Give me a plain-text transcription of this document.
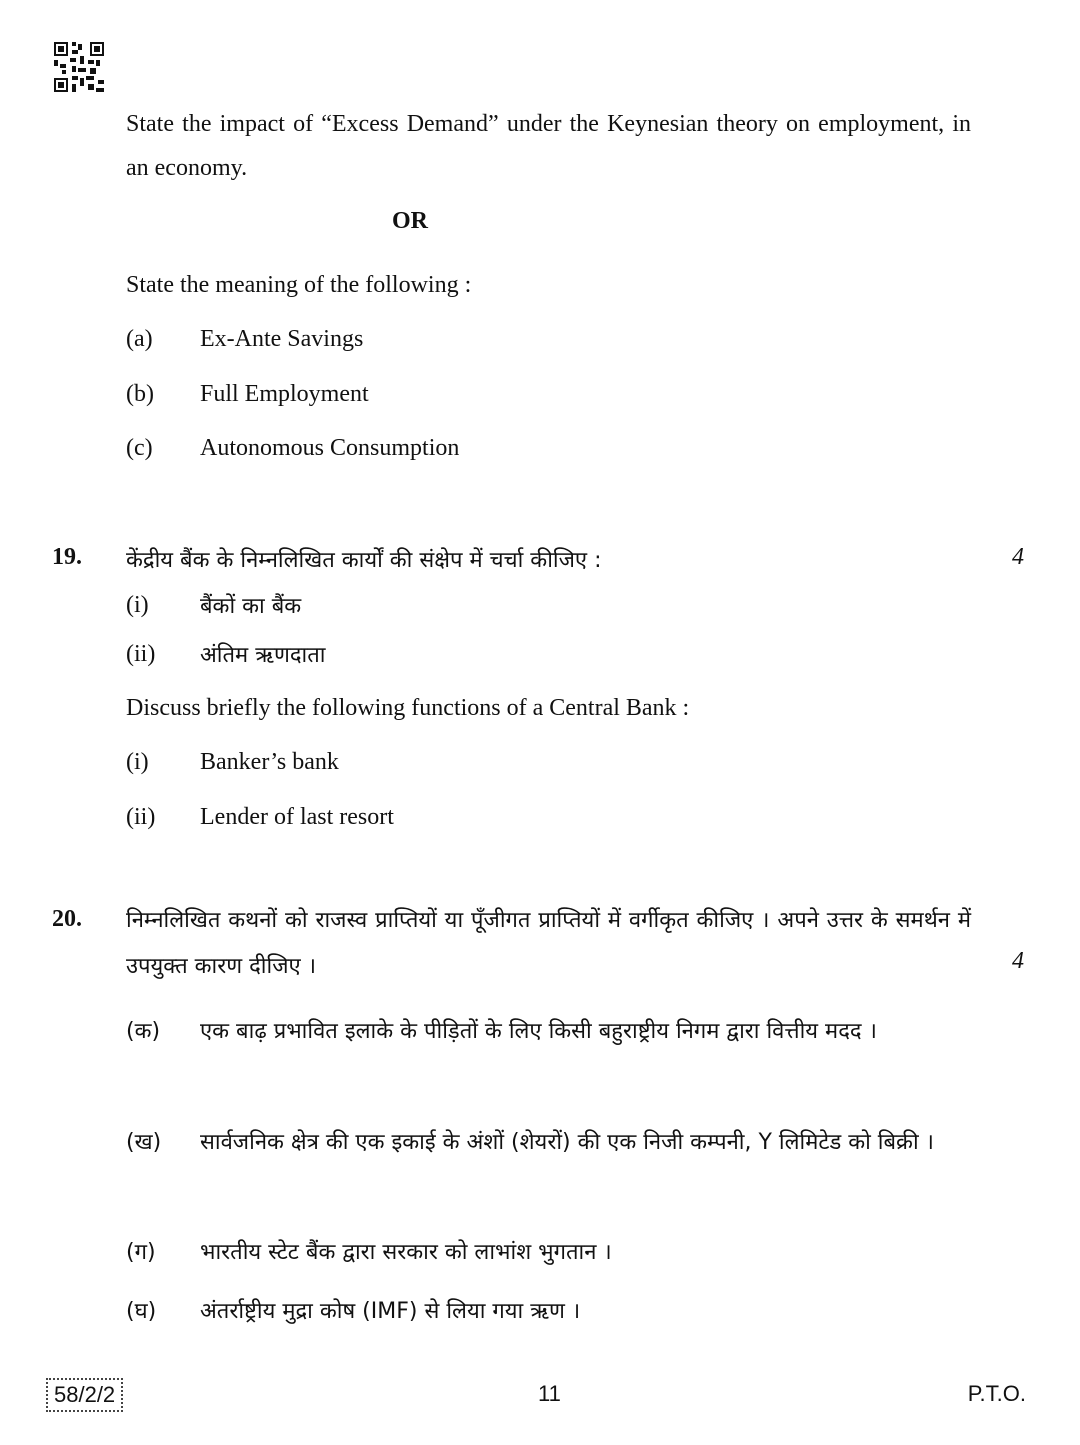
State the impact of “Excess Demand” under the Keynesian theory on employment, in an economy.
OR
State the meaning of the following :
(a) Ex-Ante Savings
(b) Full Employment
(c) Autonomous Consumption
19. केंद्रीय बैंक के निम्नलिखित कार्यों की संक्षेप में चर्चा कीजिए :	4
(i) बैंकों का बैंक
(ii) अंतिम ऋणदाता
Discuss briefly the following functions of a Central Bank :
(i) Banker’s bank
(ii) Lender of last resort
20. निम्नलिखित कथनों को राजस्व प्राप्तियों या पूँजीगत प्राप्तियों में वर्गीकृत कीजिए । अपने उत्तर के समर्थन में उपयुक्त कारण दीजिए ।	4
(क) एक बाढ़ प्रभावित इलाके के पीड़ितों के लिए किसी बहुराष्ट्रीय निगम द्वारा वित्तीय मदद ।
(ख) सार्वजनिक क्षेत्र की एक इकाई के अंशों (शेयरों) की एक निजी कम्पनी, Y लिमिटेड को बिक्री ।
(ग) भारतीय स्टेट बैंक द्वारा सरकार को लाभांश भुगतान ।
(घ) अंतर्राष्ट्रीय मुद्रा कोष (IMF) से लिया गया ऋण ।
58/2/2	11	P.T.O.
